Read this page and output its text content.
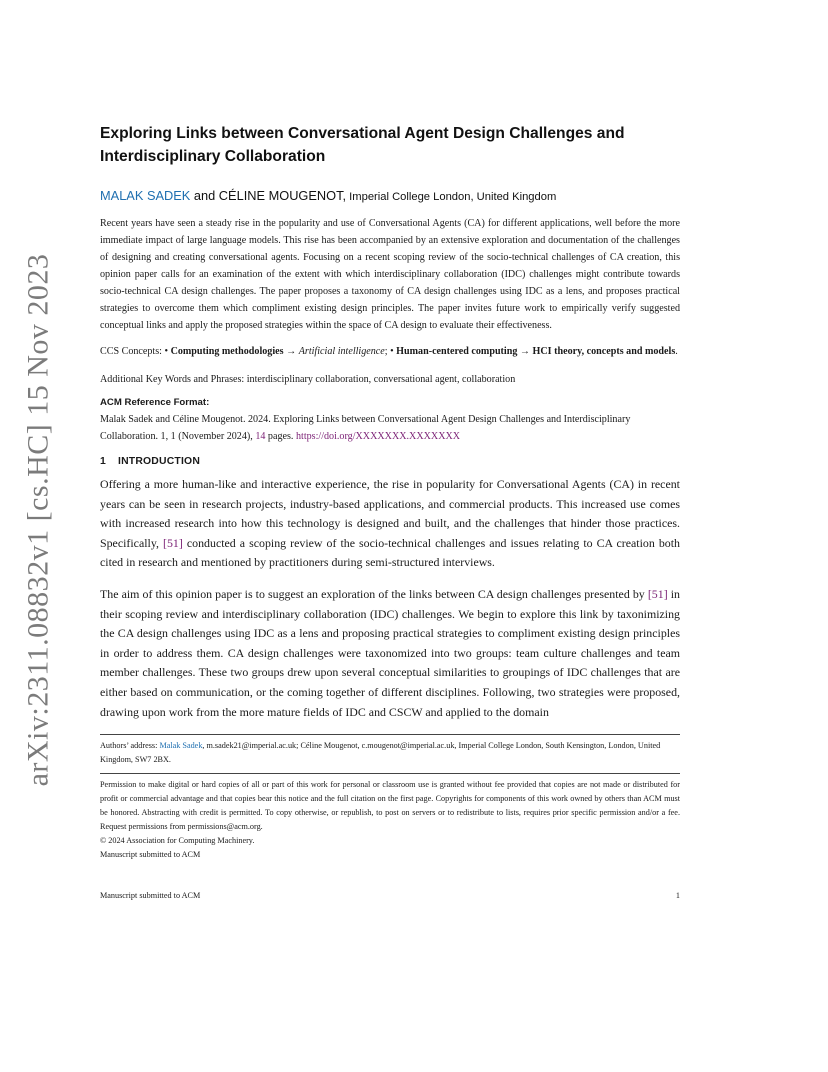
arXiv:2311.08832v1 [cs.HC] 15 Nov 2023
Exploring Links between Conversational Agent Design Challenges and Interdisciplinary Collaboration
MALAK SADEK and CÉLINE MOUGENOT, Imperial College London, United Kingdom

Recent years have seen a steady rise in the popularity and use of Conversational Agents (CA) for different applications, well before the more immediate impact of large language models. This rise has been accompanied by an extensive exploration and documentation of the challenges of designing and creating conversational agents. Focusing on a recent scoping review of the socio-technical challenges of CA creation, this opinion paper calls for an examination of the extent with which interdisciplinary collaboration (IDC) challenges might contribute towards socio-technical CA design challenges. The paper proposes a taxonomy of CA design challenges using IDC as a lens, and proposes practical strategies to overcome them which compliment existing design principles. The paper invites future work to empirically verify suggested conceptual links and apply the proposed strategies within the space of CA design to evaluate their effectiveness.

CCS Concepts: • Computing methodologies → Artificial intelligence; • Human-centered computing → HCI theory, concepts and models.

Additional Key Words and Phrases: interdisciplinary collaboration, conversational agent, collaboration

ACM Reference Format:

Malak Sadek and Céline Mougenot. 2024. Exploring Links between Conversational Agent Design Challenges and Interdisciplinary Collaboration. 1, 1 (November 2024), 14 pages. https://doi.org/XXXXXXX.XXXXXXX

1 INTRODUCTION

Offering a more human-like and interactive experience, the rise in popularity for Conversational Agents (CA) in recent years can be seen in research projects, industry-based applications, and commercial products. This increased use comes with increased research into how this technology is designed and built, and the challenges that hinder those practices. Specifically, [51] conducted a scoping review of the socio-technical challenges and issues relating to CA creation both cited in research and mentioned by practitioners during semi-structured interviews.

The aim of this opinion paper is to suggest an exploration of the links between CA design challenges presented by [51] in their scoping review and interdisciplinary collaboration (IDC) challenges. We begin to explore this link by taxonimizing the CA design challenges using IDC as a lens and proposing practical strategies to compliment existing design principles in order to address them. CA design challenges were taxonomized into two groups: team culture challenges and team member challenges. These two groups drew upon several conceptual similarities to groupings of IDC challenges that are either based on communication, or the coming together of different disciplines. Following, two strategies were proposed, drawing upon work from the more mature fields of IDC and CSCW and applied to the domain

Authors’ address: Malak Sadek, m.sadek21@imperial.ac.uk; Céline Mougenot, c.mougenot@imperial.ac.uk, Imperial College London, South Kensington, London, United Kingdom, SW7 2BX.

Permission to make digital or hard copies of all or part of this work for personal or classroom use is granted without fee provided that copies are not made or distributed for profit or commercial advantage and that copies bear this notice and the full citation on the first page. Copyrights for components of this work owned by others than ACM must be honored. Abstracting with credit is permitted. To copy otherwise, or republish, to post on servers or to redistribute to lists, requires prior specific permission and/or a fee. Request permissions from permissions@acm.org.

© 2024 Association for Computing Machinery.

Manuscript submitted to ACM

Manuscript submitted to ACM	1
